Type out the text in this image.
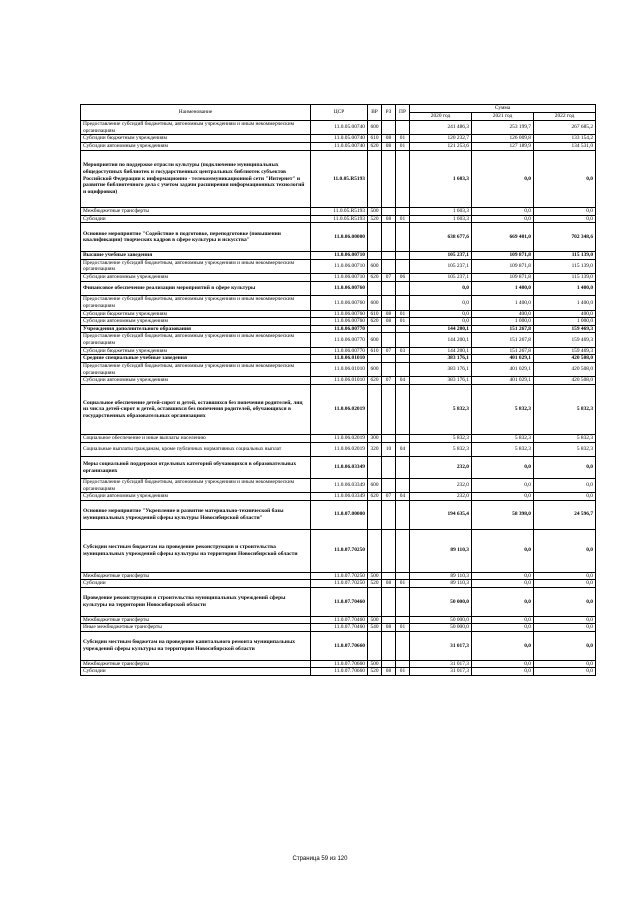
Наименование	ЦСР	ВР	РЗ	ПР	Сумма		
					2020 год	2021 год	2022 год
Предоставление субсидий бюджетным, автономным учреждениям и иным некоммерческим организациям	11.0.05.00740	600			241 486,3	253 199,7	267 685,2
Субсидии бюджетным учреждениям	11.0.05.00740	610	08	01	120 232,7	126 009,8	133 154,2
Субсидии автономным учреждениям	11.0.05.00740	620	08	01	121 253,6	127 189,9	134 531,0
Мероприятия по поддержке отрасли культуры (подключение муниципальных общедоступных библиотек и государственных центральных библиотек субъектов Российской Федерации к информационно - телекоммуникационной сети "Интернет" и развитие библиотечного дела с учетом задачи расширения информационных технологий и оцифровки)	11.0.05.R5193				1 603,3	0,0	0,0
Межбюджетные трансферты	11.0.05.R5193	500			1 603,3	0,0	0,0
Субсидии	11.0.05.R5193	520	08	01	1 603,3	0,0	0,0
Основное мероприятие "Содействие в подготовке, переподготовке (повышении квалификации) творческих кадров в сфере культуры и искусства"	11.0.06.00000				638 677,6	669 401,0	702 348,6
Высшие учебные заведения	11.0.06.00710				105 237,1	109 871,8	115 139,0
Предоставление субсидий бюджетным, автономным учреждениям и иным некоммерческим организациям	11.0.06.00710	600			105 237,1	109 871,8	115 139,0
Субсидии автономным учреждениям	11.0.06.00710	620	07	06	105 237,1	109 871,8	115 139,0
Финансовое обеспечение реализации мероприятий в сфере культуры	11.0.06.00760				0,0	1 400,0	1 400,0
Предоставление субсидий бюджетным, автономным учреждениям и иным некоммерческим организациям	11.0.06.00760	600			0,0	1 400,0	1 400,0
Субсидии бюджетным учреждениям	11.0.06.00760	610	08	01	0,0	400,0	400,0
Субсидии автономным учреждениям	11.0.06.00760	620	08	01	0,0	1 000,0	1 000,0
Учреждения дополнительного образования	11.0.06.00770				144 200,1	151 267,8	159 469,3
Предоставление субсидий бюджетным, автономным учреждениям и иным некоммерческим организациям	11.0.06.00770	600			144 200,1	151 267,8	159 469,3
Субсидии бюджетным учреждениям	11.0.06.00770	610	07	03	144 200,1	151 267,8	159 469,3
Средние специальные учебные заведения	11.0.06.01010				383 176,1	401 029,1	420 508,0
Предоставление субсидий бюджетным, автономным учреждениям и иным некоммерческим организациям	11.0.06.01010	600			383 176,1	401 029,1	420 508,0
Субсидии автономным учреждениям	11.0.06.01010	620	07	04	383 176,1	401 029,1	420 508,0
Социальное обеспечение детей-сирот и детей, оставшихся без попечения родителей, лиц из числа детей-сирот и детей, оставшихся без попечения родителей, обучающихся в государственных образовательных организациях	11.0.06.02019				5 832,3	5 832,3	5 832,3
Социальное обеспечение и иные выплаты населению	11.0.06.02019	300			5 832,3	5 832,3	5 832,3
Социальные выплаты гражданам, кроме публичных нормативных социальных выплат	11.0.06.02019	320	10	04	5 832,3	5 832,3	5 832,3
Меры социальной поддержки отдельных категорий обучающихся в образовательных организациях	11.0.06.03349				232,0	0,0	0,0
Предоставление субсидий бюджетным, автономным учреждениям и иным некоммерческим организациям	11.0.06.03349	600			232,0	0,0	0,0
Субсидии автономным учреждениям	11.0.06.03349	620	07	04	232,0	0,0	0,0
Основное мероприятие "Укрепление и развитие материально-технической базы муниципальных учреждений сферы культуры Новосибирской области"	11.0.07.00000				194 635,4	58 398,0	24 596,7
Субсидии местным бюджетам на проведение реконструкции и строительства муниципальных учреждений сферы культуры на территории Новосибирской области	11.0.07.70250				89 110,3	0,0	0,0
Межбюджетные трансферты	11.0.07.70250	500			89 110,3	0,0	0,0
Субсидии	11.0.07.70250	520	08	01	89 110,3	0,0	0,0
Проведение реконструкции и строительства муниципальных учреждений сферы культуры на территории Новосибирской области	11.0.07.70460				50 000,0	0,0	0,0
Межбюджетные трансферты	11.0.07.70460	500			50 000,0	0,0	0,0
Иные межбюджетные трансферты	11.0.07.70460	540	08	01	50 000,0	0,0	0,0
Субсидии местным бюджетам на проведение капитального ремонта муниципальных учреждений сферы культуры на территории Новосибирской области	11.0.07.70660				31 017,3	0,0	0,0
Межбюджетные трансферты	11.0.07.70660	500			31 017,3	0,0	0,0
Субсидии	11.0.07.70660	520	08	01	31 017,3	0,0	0,0
Страница 59 из 120
